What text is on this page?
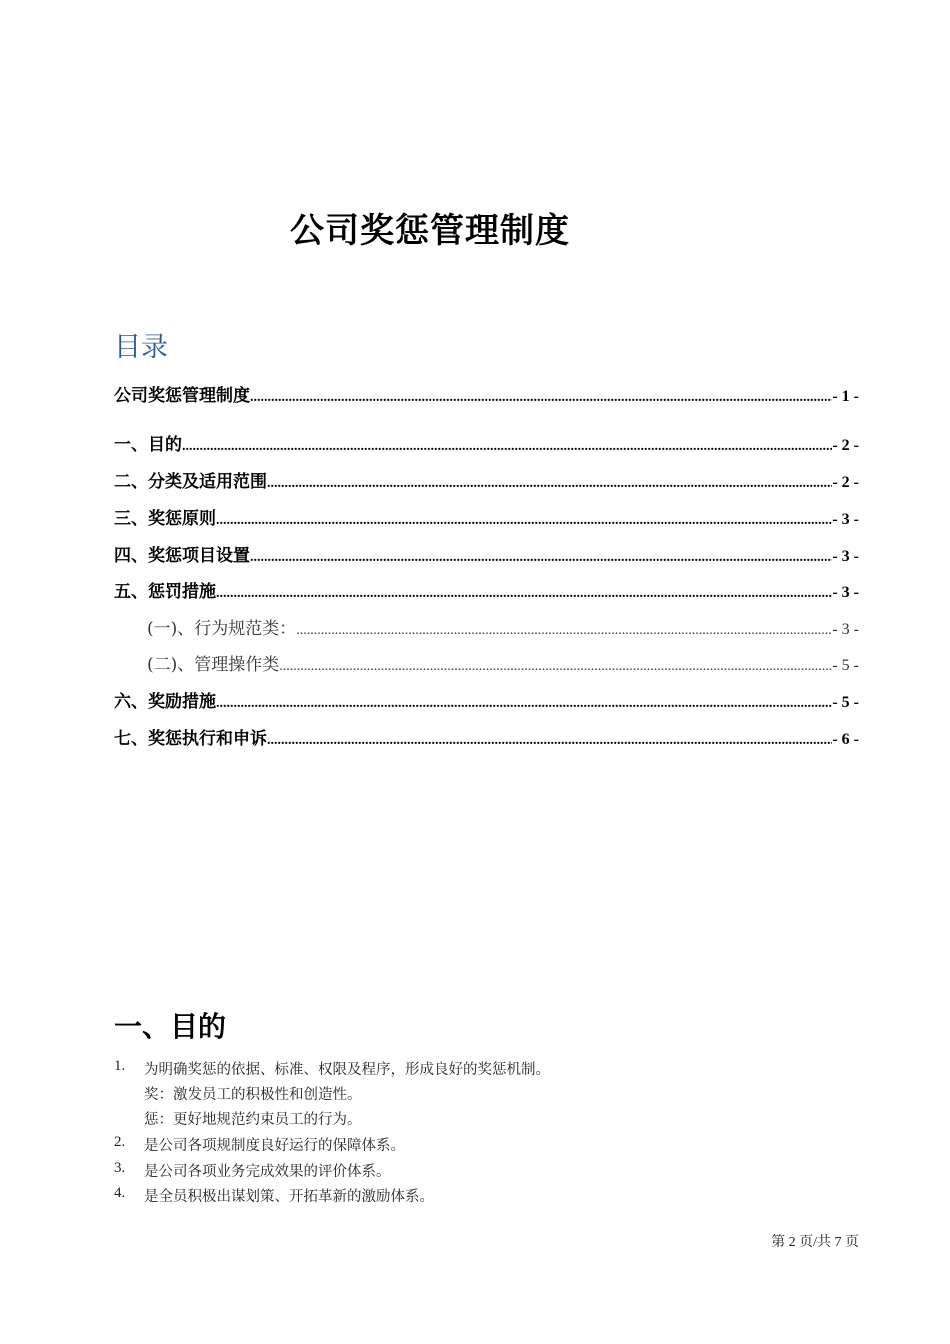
公司奖惩管理制度
目录
公司奖惩管理制度 .....	- 1 -
一、目的 .....	- 2 -
二、分类及适用范围 .....	- 2 -
三、奖惩原则 .....	- 3 -
四、奖惩项目设置 .....	- 3 -
五、惩罚措施 .....	- 3 -
(一)、行为规范类： .....	- 3 -
(二)、管理操作类 .....	- 5 -
六、奖励措施 .....	- 5 -
七、奖惩执行和申诉 .....	- 6 -
一、目的
1.	为明确奖惩的依据、标准、权限及程序，形成良好的奖惩机制。
奖：激发员工的积极性和创造性。
惩：更好地规范约束员工的行为。
2.	是公司各项规制度良好运行的保障体系。
3.	是公司各项业务完成效果的评价体系。
4.	是全员积极出谋划策、开拓革新的激励体系。
第 2 页/共 7 页
